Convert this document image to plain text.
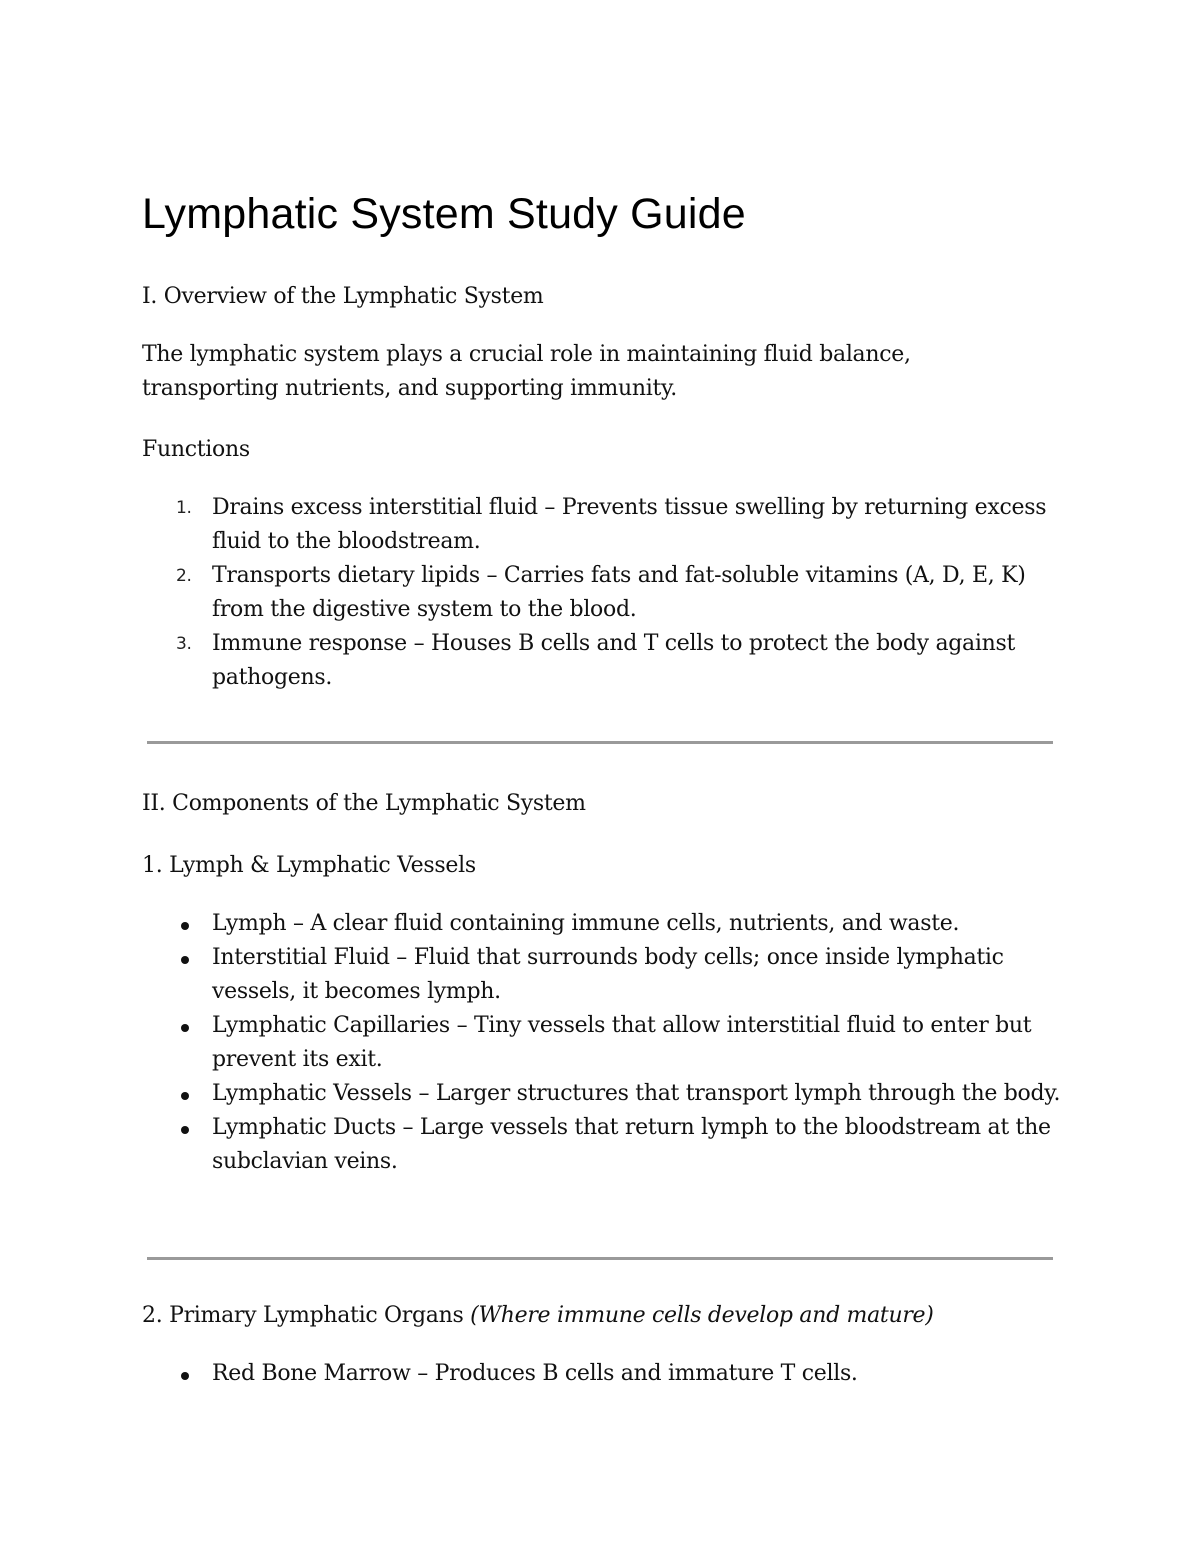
Lymphatic System Study Guide

I. Overview of the Lymphatic System

The lymphatic system plays a crucial role in maintaining fluid balance, transporting nutrients, and supporting immunity.

Functions

1. Drains excess interstitial fluid – Prevents tissue swelling by returning excess fluid to the bloodstream.
2. Transports dietary lipids – Carries fats and fat-soluble vitamins (A, D, E, K) from the digestive system to the blood.
3. Immune response – Houses B cells and T cells to protect the body against pathogens.

II. Components of the Lymphatic System

1. Lymph & Lymphatic Vessels

Lymph – A clear fluid containing immune cells, nutrients, and waste.
Interstitial Fluid – Fluid that surrounds body cells; once inside lymphatic vessels, it becomes lymph.
Lymphatic Capillaries – Tiny vessels that allow interstitial fluid to enter but prevent its exit.
Lymphatic Vessels – Larger structures that transport lymph through the body.
Lymphatic Ducts – Large vessels that return lymph to the bloodstream at the subclavian veins.

2. Primary Lymphatic Organs (Where immune cells develop and mature)

Red Bone Marrow – Produces B cells and immature T cells.
